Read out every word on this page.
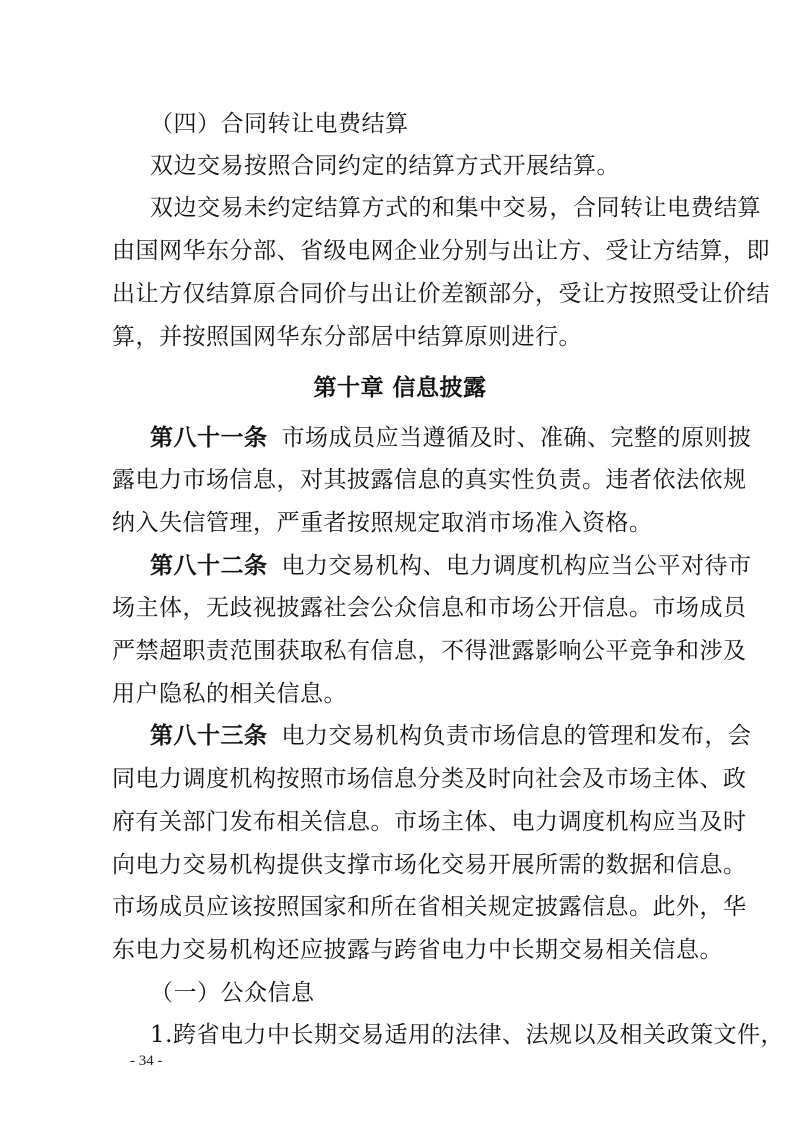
（四）合同转让电费结算
双边交易按照合同约定的结算方式开展结算。
双边交易未约定结算方式的和集中交易，合同转让电费结算
由国网华东分部、省级电网企业分别与出让方、受让方结算，即
出让方仅结算原合同价与出让价差额部分，受让方按照受让价结
算，并按照国网华东分部居中结算原则进行。
第十章 信息披露
第八十一条 市场成员应当遵循及时、准确、完整的原则披
露电力市场信息，对其披露信息的真实性负责。违者依法依规
纳入失信管理，严重者按照规定取消市场准入资格。
第八十二条 电力交易机构、电力调度机构应当公平对待市
场主体，无歧视披露社会公众信息和市场公开信息。市场成员
严禁超职责范围获取私有信息，不得泄露影响公平竞争和涉及
用户隐私的相关信息。
第八十三条 电力交易机构负责市场信息的管理和发布，会
同电力调度机构按照市场信息分类及时向社会及市场主体、政
府有关部门发布相关信息。市场主体、电力调度机构应当及时
向电力交易机构提供支撑市场化交易开展所需的数据和信息。
市场成员应该按照国家和所在省相关规定披露信息。此外，华
东电力交易机构还应披露与跨省电力中长期交易相关信息。
（一）公众信息
1.跨省电力中长期交易适用的法律、法规以及相关政策文件，
- 34 -
